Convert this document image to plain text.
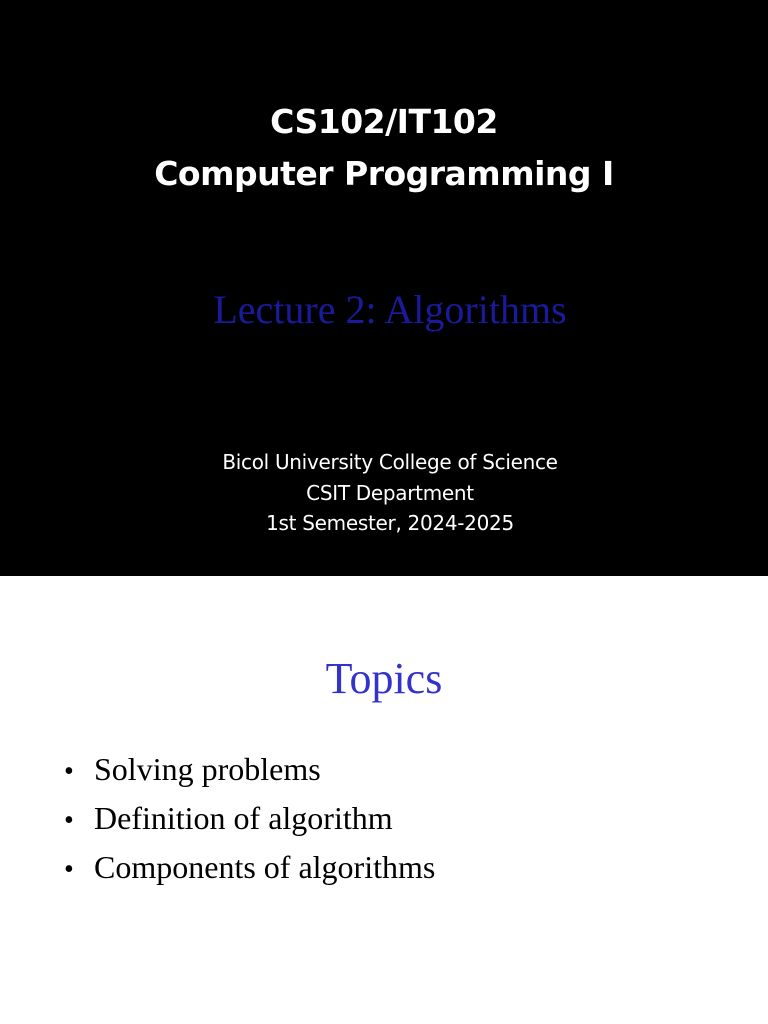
CS102/IT102
Computer Programming I
Lecture 2: Algorithms
Bicol University College of Science
CSIT Department
1st Semester, 2024-2025
Topics
• Solving problems
• Definition of algorithm
• Components of algorithms
